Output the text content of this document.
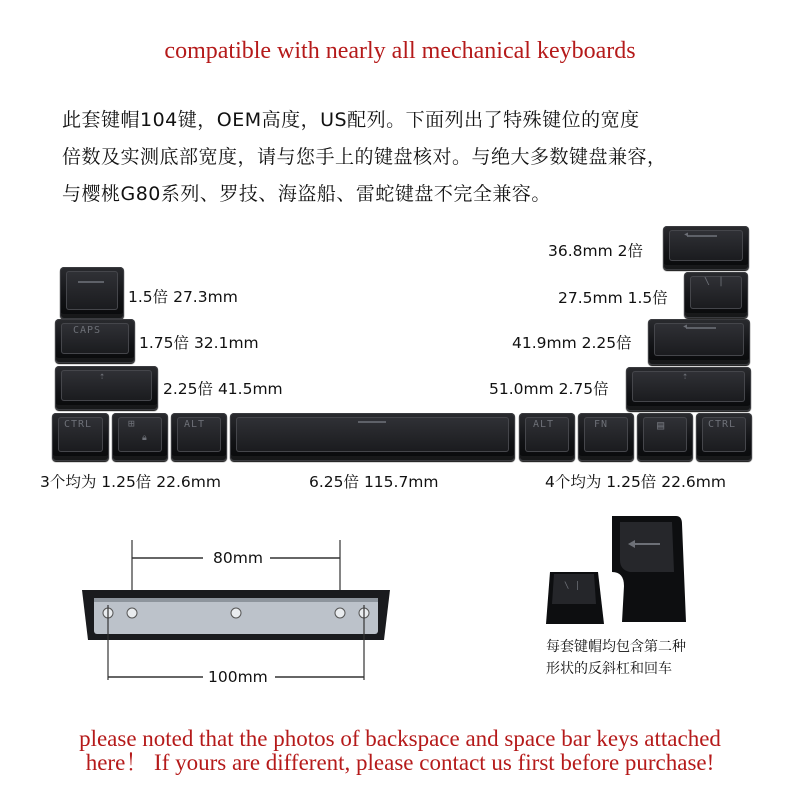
compatible with nearly all mechanical keyboards
此套键帽104键，OEM高度，US配列。下面列出了特殊键位的宽度
倍数及实测底部宽度，请与您手上的键盘核对。与绝大多数键盘兼容，
与樱桃G80系列、罗技、海盗船、雷蛇键盘不完全兼容。
1.5倍 27.3mm
CAPS
1.75倍 32.1mm
⇡
2.25倍 41.5mm
36.8mm 2倍
◂
27.5mm 1.5倍
\ |
41.9mm 2.25倍
◂
51.0mm 2.75倍
⇡
CTRL	⊞
🔒︎
ALT	ALT	FN	▤	CTRL
3个均为 1.25倍 22.6mm	6.25倍 115.7mm	4个均为 1.25倍 22.6mm
80mm
100mm
\ |
每套键帽均包含第二种
形状的反斜杠和回车
please noted that the photos of backspace and space bar keys attached
here！ If yours are different, please contact us first before purchase!
